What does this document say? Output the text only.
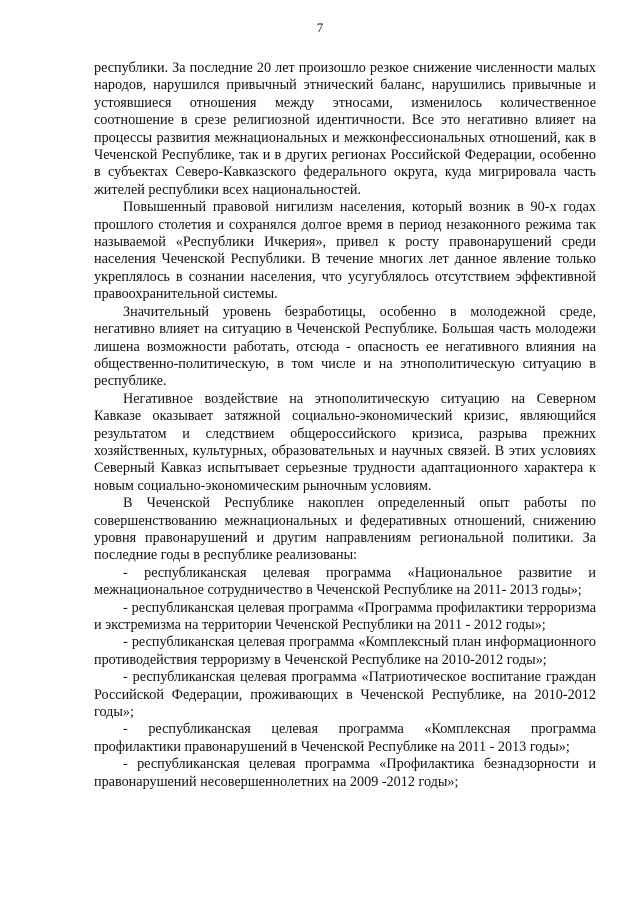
7

республики. За последние 20 лет произошло резкое снижение численности малых народов, нарушился привычный этнический баланс, нарушились привычные и устоявшиеся отношения между этносами, изменилось количественное соотношение в срезе религиозной идентичности. Все это негативно влияет на процессы развития межнациональных и межконфессиональных отношений, как в Чеченской Республике, так и в других регионах Российской Федерации, особенно в субъектах Северо-Кавказского федерального округа, куда мигрировала часть жителей республики всех национальностей.

Повышенный правовой нигилизм населения, который возник в 90-х годах прошлого столетия и сохранялся долгое время в период незаконного режима так называемой «Республики Ичкерия», привел к росту правонарушений среди населения Чеченской Республики. В течение многих лет данное явление только укреплялось в сознании населения, что усугублялось отсутствием эффективной правоохранительной системы.

Значительный уровень безработицы, особенно в молодежной среде, негативно влияет на ситуацию в Чеченской Республике. Большая часть молодежи лишена возможности работать, отсюда - опасность ее негативного влияния на общественно-политическую, в том числе и на этнополитическую ситуацию в республике.

Негативное воздействие на этнополитическую ситуацию на Северном Кавказе оказывает затяжной социально-экономический кризис, являющийся результатом и следствием общероссийского кризиса, разрыва прежних хозяйственных, культурных, образовательных и научных связей. В этих условиях Северный Кавказ испытывает серьезные трудности адаптационного характера к новым социально-экономическим рыночным условиям.

В Чеченской Республике накоплен определенный опыт работы по совершенствованию межнациональных и федеративных отношений, снижению уровня правонарушений и другим направлениям региональной политики. За последние годы в республике реализованы:

- республиканская целевая программа «Национальное развитие и межнациональное сотрудничество в Чеченской Республике на 2011- 2013 годы»;

- республиканская целевая программа «Программа профилактики терроризма и экстремизма на территории Чеченской Республики на 2011 - 2012 годы»;

- республиканская целевая программа «Комплексный план информационного противодействия терроризму в Чеченской Республике на 2010-2012 годы»;

- республиканская целевая программа «Патриотическое воспитание граждан Российской Федерации, проживающих в Чеченской Республике, на 2010-2012 годы»;

- республиканская целевая программа «Комплексная программа профилактики правонарушений в Чеченской Республике на 2011 - 2013 годы»;

- республиканская целевая программа «Профилактика безнадзорности и правонарушений несовершеннолетних на 2009 -2012 годы»;
